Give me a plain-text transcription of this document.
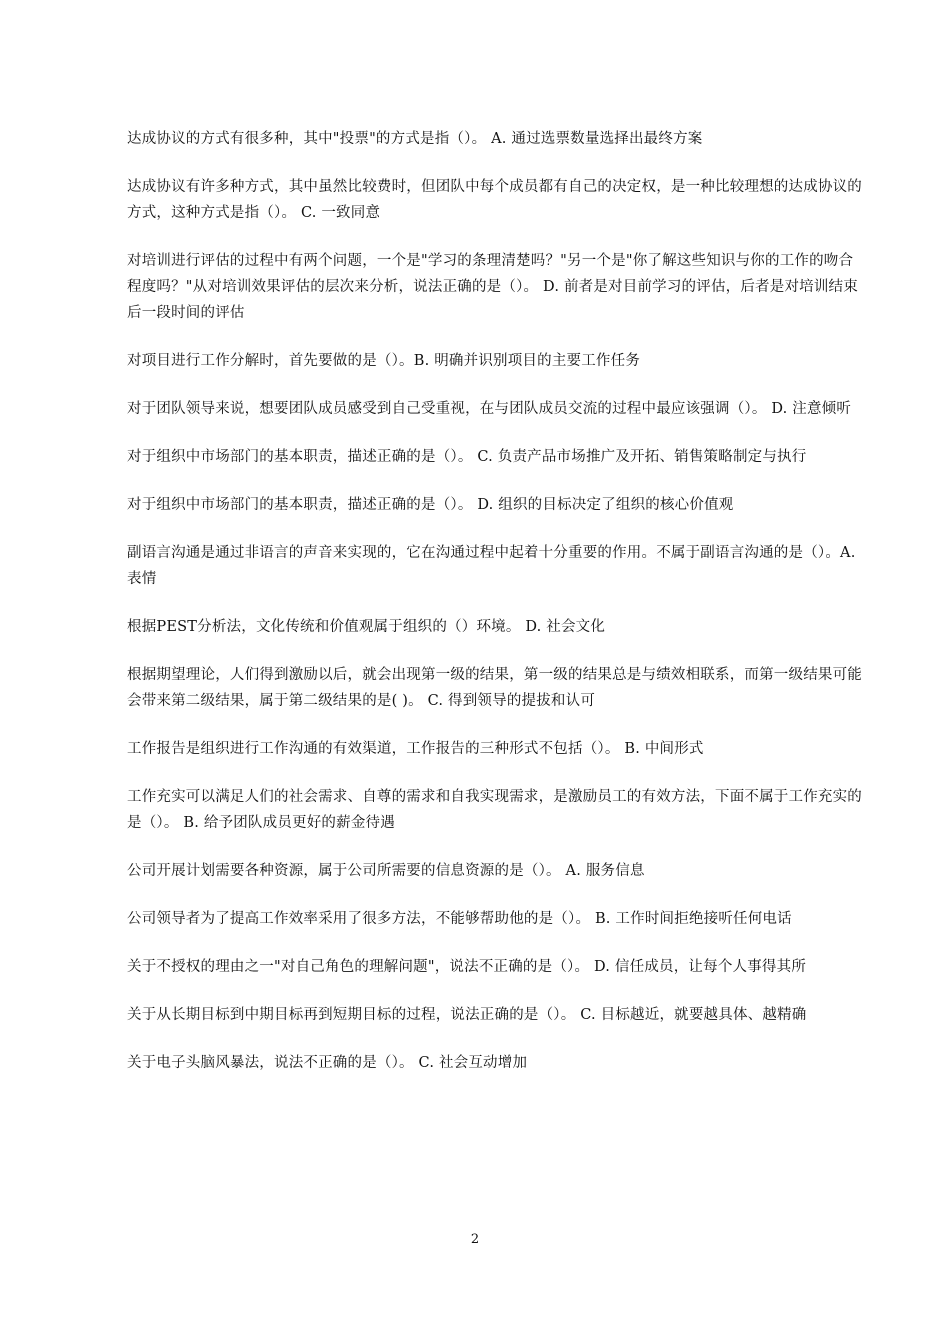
达成协议的方式有很多种，其中"投票"的方式是指（）。 A. 通过选票数量选择出最终方案

达成协议有许多种方式，其中虽然比较费时，但团队中每个成员都有自己的决定权，是一种比较理想的达成协议的方式，这种方式是指（）。 C. 一致同意

对培训进行评估的过程中有两个问题，一个是"学习的条理清楚吗？"另一个是"你了解这些知识与你的工作的吻合程度吗？"从对培训效果评估的层次来分析，说法正确的是（）。 D. 前者是对目前学习的评估，后者是对培训结束后一段时间的评估

对项目进行工作分解时，首先要做的是（）。B. 明确并识别项目的主要工作任务

对于团队领导来说，想要团队成员感受到自己受重视，在与团队成员交流的过程中最应该强调（）。 D. 注意倾听

对于组织中市场部门的基本职责，描述正确的是（）。 C. 负责产品市场推广及开拓、销售策略制定与执行

对于组织中市场部门的基本职责，描述正确的是（）。 D. 组织的目标决定了组织的核心价值观

副语言沟通是通过非语言的声音来实现的，它在沟通过程中起着十分重要的作用。不属于副语言沟通的是（）。A. 表情

根据PEST分析法，文化传统和价值观属于组织的（）环境。 D. 社会文化

根据期望理论，人们得到激励以后，就会出现第一级的结果，第一级的结果总是与绩效相联系，而第一级结果可能会带来第二级结果，属于第二级结果的是( )。 C. 得到领导的提拔和认可

工作报告是组织进行工作沟通的有效渠道，工作报告的三种形式不包括（）。 B. 中间形式

工作充实可以满足人们的社会需求、自尊的需求和自我实现需求，是激励员工的有效方法，下面不属于工作充实的是（）。 B. 给予团队成员更好的薪金待遇

公司开展计划需要各种资源，属于公司所需要的信息资源的是（）。 A. 服务信息

公司领导者为了提高工作效率采用了很多方法，不能够帮助他的是（）。 B. 工作时间拒绝接听任何电话

关于不授权的理由之一"对自己角色的理解问题"，说法不正确的是（）。 D. 信任成员，让每个人事得其所

关于从长期目标到中期目标再到短期目标的过程，说法正确的是（）。 C. 目标越近，就要越具体、越精确

关于电子头脑风暴法，说法不正确的是（）。 C. 社会互动增加

2
